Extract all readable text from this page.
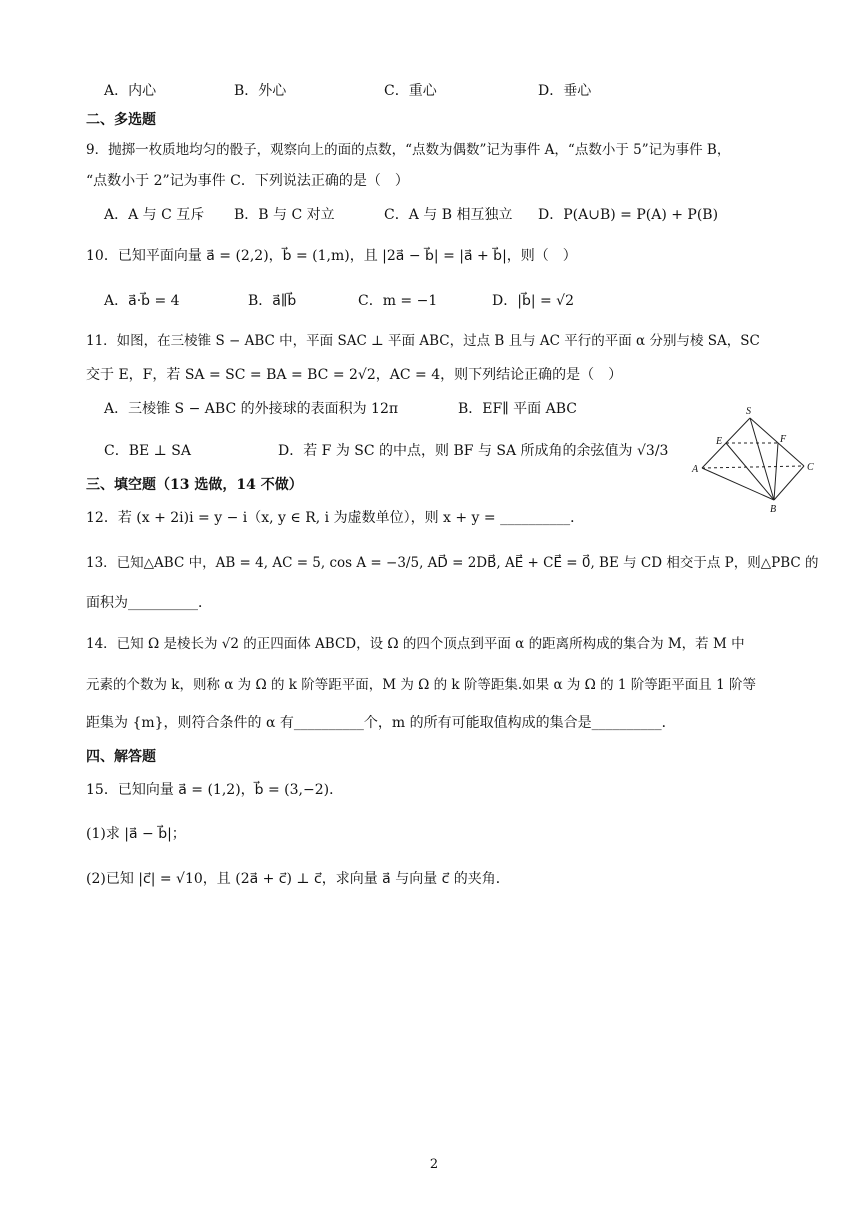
A．内心	B．外心	C．重心	D．垂心
二、多选题
9．抛掷一枚质地均匀的骰子，观察向上的面的点数，“点数为偶数”记为事件 A，“点数小于 5”记为事件 B，
“点数小于 2”记为事件 C．下列说法正确的是（　）
A．A 与 C 互斥 B．B 与 C 对立	C．A 与 B 相互独立 D．P(A∪B) = P(A) + P(B)
10．已知平面向量 a⃗ = (2,2)，b⃗ = (1,m)，且 |2a⃗ − b⃗| = |a⃗ + b⃗|，则（　）
A．a⃗·b⃗ = 4	B．a⃗∥b⃗	C．m = −1	D．|b⃗| = √2
11．如图，在三棱锥 S − ABC 中，平面 SAC ⊥ 平面 ABC，过点 B 且与 AC 平行的平面 α 分别与棱 SA，SC
交于 E，F，若 SA = SC = BA = BC = 2√2，AC = 4，则下列结论正确的是（　）
A．三棱锥 S − ABC 的外接球的表面积为 12π	B．EF∥ 平面 ABC
C．BE ⊥ SA	D．若 F 为 SC 的中点，则 BF 与 SA 所成角的余弦值为 √3/3
S
E	F
A	C
B
三、填空题（13 选做，14 不做）
12．若 (x + 2i)i = y − i（x, y ∈ R, i 为虚数单位），则 x + y = __________．
13．已知△ABC 中，AB = 4, AC = 5, cos A = −3/5, AD⃗ = 2DB⃗, AE⃗ + CE⃗ = 0⃗, BE 与 CD 相交于点 P，则△PBC 的
面积为__________．
14．已知 Ω 是棱长为 √2 的正四面体 ABCD，设 Ω 的四个顶点到平面 α 的距离所构成的集合为 M，若 M 中
元素的个数为 k，则称 α 为 Ω 的 k 阶等距平面，M 为 Ω 的 k 阶等距集.如果 α 为 Ω 的 1 阶等距平面且 1 阶等
距集为 {m}，则符合条件的 α 有__________个，m 的所有可能取值构成的集合是__________．
四、解答题
15．已知向量 a⃗ = (1,2)，b⃗ = (3,−2)．
(1)求 |a⃗ − b⃗|；
(2)已知 |c⃗| = √10，且 (2a⃗ + c⃗) ⊥ c⃗，求向量 a⃗ 与向量 c⃗ 的夹角．
2
